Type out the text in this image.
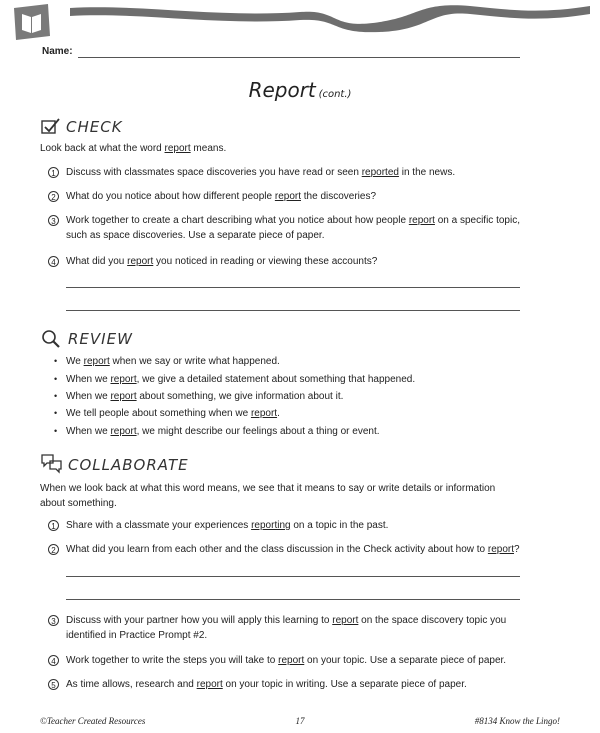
Name:
Report (cont.)
CHECK
Look back at what the word report means.
1	Discuss with classmates space discoveries you have read or seen reported in the news.
2	What do you notice about how different people report the discoveries?
3	Work together to create a chart describing what you notice about how people report on a specific topic,
such as space discoveries. Use a separate piece of paper.
4	What did you report you noticed in reading or viewing these accounts?
REVIEW
• We report when we say or write what happened.
• When we report, we give a detailed statement about something that happened.
• When we report about something, we give information about it.
• We tell people about something when we report.
• When we report, we might describe our feelings about a thing or event.
COLLABORATE
When we look back at what this word means, we see that it means to say or write details or information
about something.
1	Share with a classmate your experiences reporting on a topic in the past.
2	What did you learn from each other and the class discussion in the Check activity about how to report?
3	Discuss with your partner how you will apply this learning to report on the space discovery topic you
identified in Practice Prompt #2.
4	Work together to write the steps you will take to report on your topic. Use a separate piece of paper.
5	As time allows, research and report on your topic in writing. Use a separate piece of paper.
©Teacher Created Resources	17	#8134 Know the Lingo!
